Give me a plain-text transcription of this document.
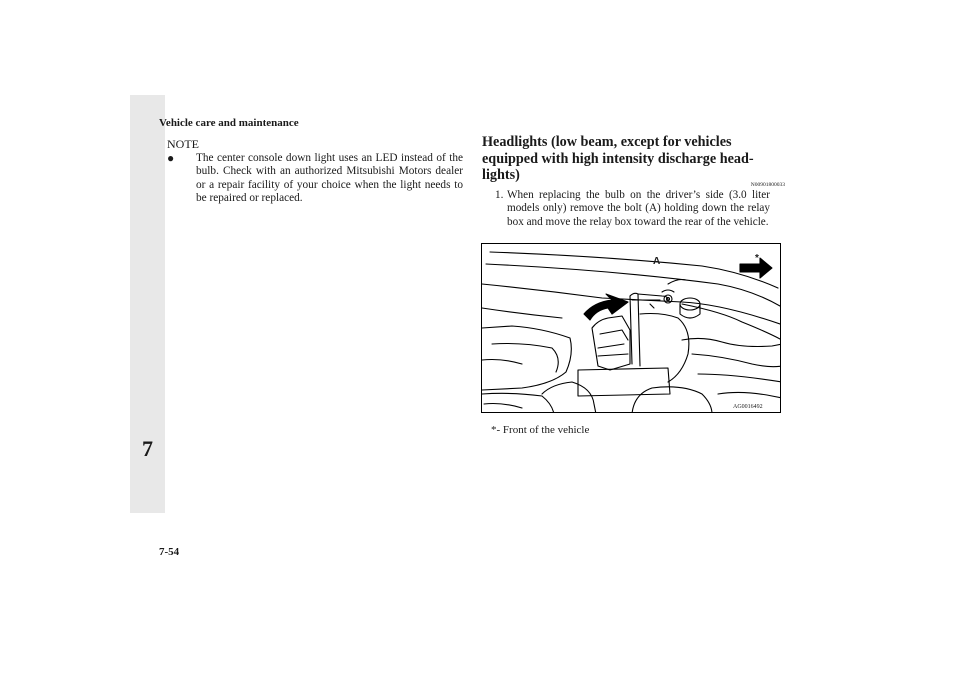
7
Vehicle care and maintenance
NOTE
● The center console down light uses an LED instead of the bulb. Check with an authorized Mitsubishi Motors dealer or a repair facility of your choice when the light needs to be repaired or replaced.
Headlights (low beam, except for vehicles equipped with high intensity discharge head-lights)
N00901800033
1. When replacing the bulb on the driver’s side (3.0 liter models only) remove the bolt (A) holding down the relay box and move the relay box toward the rear of the vehicle.
A	*
AG0016492
*- Front of the vehicle
7-54
